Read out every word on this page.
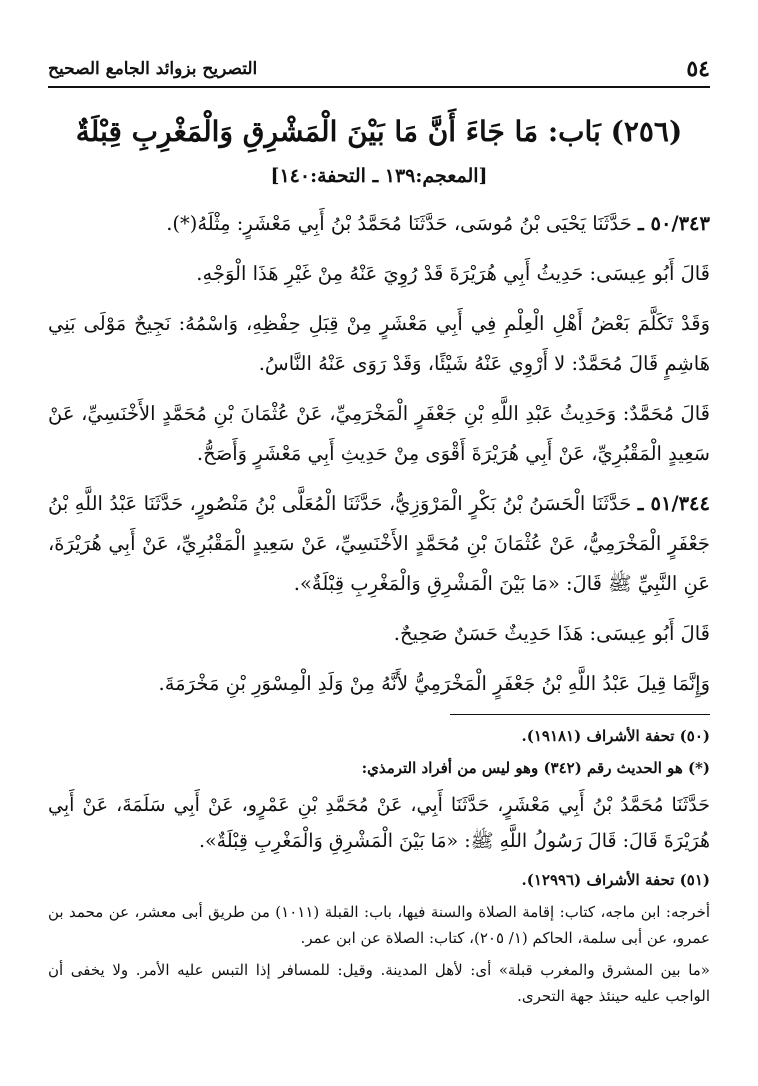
٥٤
التصريح بزوائد الجامع الصحيح
(٢٥٦) بَاب: مَا جَاءَ أَنَّ مَا بَيْنَ الْمَشْرِقِ وَالْمَغْرِبِ قِبْلَةٌ
[المعجم:١٣٩ ـ التحفة:١٤٠]

٥٠/٣٤٣ ـ حَدَّثَنَا يَحْيَى بْنُ مُوسَى، حَدَّثَنَا مُحَمَّدُ بْنُ أَبِي مَعْشَرٍ: مِثْلَهُ(*).

قَالَ أَبُو عِيسَى: حَدِيثُ أَبِي هُرَيْرَةَ قَدْ رُوِيَ عَنْهُ مِنْ غَيْرِ هَذَا الْوَجْهِ.

وَقَدْ تَكَلَّمَ بَعْضُ أَهْلِ الْعِلْمِ فِي أَبِي مَعْشَرٍ مِنْ قِبَلِ حِفْظِهِ، وَاسْمُهُ: نَجِيحٌ مَوْلَى بَنِي هَاشِمٍ قَالَ مُحَمَّدٌ: لا أَرْوِي عَنْهُ شَيْئًا، وَقَدْ رَوَى عَنْهُ النَّاسُ.

قَالَ مُحَمَّدٌ: وَحَدِيثُ عَبْدِ اللَّهِ بْنِ جَعْفَرٍ الْمَخْرَمِيِّ، عَنْ عُثْمَانَ بْنِ مُحَمَّدٍ الأَخْنَسِيِّ، عَنْ سَعِيدٍ الْمَقْبُرِيِّ، عَنْ أَبِي هُرَيْرَةَ أَقْوَى مِنْ حَدِيثِ أَبِي مَعْشَرٍ وَأَصَحُّ.

٥١/٣٤٤ ـ حَدَّثَنَا الْحَسَنُ بْنُ بَكْرٍ الْمَرْوَزِيُّ، حَدَّثَنَا الْمُعَلَّى بْنُ مَنْصُورٍ، حَدَّثَنَا عَبْدُ اللَّهِ بْنُ جَعْفَرٍ الْمَخْرَمِيُّ، عَنْ عُثْمَانَ بْنِ مُحَمَّدٍ الأَخْنَسِيِّ، عَنْ سَعِيدٍ الْمَقْبُرِيِّ، عَنْ أَبِي هُرَيْرَةَ، عَنِ النَّبِيِّ ﷺ قَالَ: «مَا بَيْنَ الْمَشْرِقِ وَالْمَغْرِبِ قِبْلَةٌ».

قَالَ أَبُو عِيسَى: هَذَا حَدِيثٌ حَسَنٌ صَحِيحٌ.

وَإِنَّمَا قِيلَ عَبْدُ اللَّهِ بْنُ جَعْفَرٍ الْمَخْرَمِيُّ لأَنَّهُ مِنْ وَلَدِ الْمِسْوَرِ بْنِ مَخْرَمَةَ.

(٥٠) تحفة الأشراف (١٩١٨١).

(*) هو الحديث رقم (٣٤٢) وهو ليس من أفراد الترمذي:

حَدَّثَنَا مُحَمَّدُ بْنُ أَبِي مَعْشَرٍ، حَدَّثَنَا أَبِي، عَنْ مُحَمَّدِ بْنِ عَمْرٍو، عَنْ أَبِي سَلَمَةَ، عَنْ أَبِي هُرَيْرَةَ قَالَ: قَالَ رَسُولُ اللَّهِ ﷺ: «مَا بَيْنَ الْمَشْرِقِ وَالْمَغْرِبِ قِبْلَةٌ».

(٥١) تحفة الأشراف (١٢٩٩٦).

أخرجه: ابن ماجه، كتاب: إقامة الصلاة والسنة فيها، باب: القبلة (١٠١١) من طريق أبى معشر، عن محمد بن عمرو، عن أبى سلمة، الحاكم (١/ ٢٠٥)، كتاب: الصلاة عن ابن عمر.

«ما بين المشرق والمغرب قبلة» أى: لأهل المدينة. وقيل: للمسافر إذا التبس عليه الأمر. ولا يخفى أن الواجب عليه حينئذ جهة التحرى.
